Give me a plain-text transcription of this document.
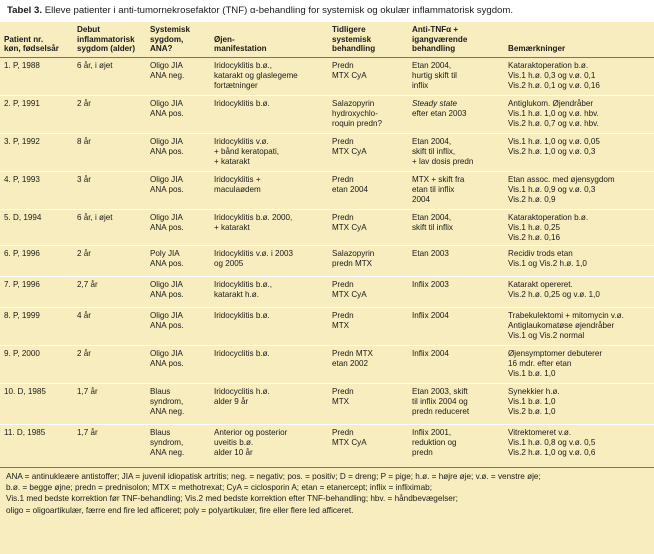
Tabel 3. Elleve patienter i anti-tumornekrosefaktor (TNF) α-behandling for systemisk og okulær inflammatorisk sygdom.
Patient nr.
køn, fødselsår	Debut
inflammatorisk
sygdom (alder)	Systemisk
sygdom,
ANA?	Øjen-
manifestation	Tidligere
systemisk
behandling	Anti-TNFα +
igangværende
behandling	Bemærkninger

1. P, 1988	6 år, i øjet	Oligo JIA
ANA neg.	Iridocyklitis b.ø.,
katarakt og glaslegeme
fortætninger	Predn
MTX CyA	Etan 2004,
hurtig skift til
inflix	Kataraktoperation b.ø.
Vis.1 h.ø. 0,3 og v.ø. 0,1
Vis.2 h.ø. 0,1 og v.ø. 0,16

2. P, 1991	2 år	Oligo JIA
ANA pos.	Iridocyklitis b.ø.	Salazopyrin
hydroxychlo-
roquin predn?	Steady state
efter etan 2003	Antiglukom. Øjendråber
Vis.1 h.ø. 1,0 og v.ø. hbv.
Vis.2 h.ø. 0,7 og v.ø. hbv.

3. P, 1992	8 år	Oligo JIA
ANA pos.	Iridocyklitis v.ø.
+ bånd keratopati,
+ katarakt	Predn
MTX CyA	Etan 2004,
skift til inflix,
+ lav dosis predn	Vis.1 h.ø. 1,0 og v.ø. 0,05
Vis.2 h.ø. 1,0 og v.ø. 0,3

4. P, 1993	3 år	Oligo JIA
ANA pos.	Iridocyklitis +
maculaødem	Predn
etan 2004	MTX + skift fra
etan til inflix
2004	Etan assoc. med øjensygdom
Vis.1 h.ø. 0,9 og v.ø. 0,3
Vis.2 h.ø. 0,9

5. D, 1994	6 år, i øjet	Oligo JIA
ANA pos.	Iridocyklitis b.ø. 2000,
+ katarakt	Predn
MTX CyA	Etan 2004,
skift til inflix	Kataraktoperation b.ø.
Vis.1 h.ø. 0,25
Vis.2 h.ø. 0,16

6. P, 1996	2 år	Poly JIA
ANA pos.	Iridocyklitis v.ø. i 2003
og 2005	Salazopyrin
predn MTX	Etan 2003	Recidiv trods etan
Vis.1 og Vis.2 h.ø. 1,0

7. P, 1996	2,7 år	Oligo JIA
ANA pos.	Iridocyklitis b.ø.,
katarakt h.ø.	Predn
MTX CyA	Inflix 2003	Katarakt opereret.
Vis.2 h.ø. 0,25 og v.ø. 1,0

8. P, 1999	4 år	Oligo JIA
ANA pos.	Iridocyklitis b.ø.	Predn
MTX	Inflix 2004	Trabekulektomi + mitomycin v.ø.
Antiglaukomatøse øjendråber
Vis.1 og Vis.2 normal

9. P, 2000	2 år	Oligo JIA
ANA pos.	Iridocyclitis b.ø.	Predn MTX
etan 2002	Inflix 2004	Øjensymptomer debuterer
16 mdr. efter etan
Vis.1 b.ø. 1,0

10. D, 1985	1,7 år	Blaus
syndrom,
ANA neg.	Iridocyclitis h.ø.
alder 9 år	Predn
MTX	Etan 2003, skift
til inflix 2004 og
predn reduceret	Synekkier h.ø.
Vis.1 b.ø. 1,0
Vis.2 b.ø. 1,0

11. D, 1985	1,7 år	Blaus
syndrom,
ANA neg.	Anterior og posterior
uveitis b.ø.
alder 10 år	Predn
MTX CyA	Inflix 2001,
reduktion og
predn	Vitrektomeret v.ø.
Vis.1 h.ø. 0,8 og v.ø. 0,5
Vis.2 h.ø. 1,0 og v.ø. 0,6
ANA = antinukleære antistoffer; JIA = juvenil idiopatisk artritis; neg. = negativ; pos. = positiv; D = dreng; P = pige; h.ø. = højre øje; v.ø. = venstre øje;
b.ø. = begge øjne; predn = prednisolon; MTX = methotrexat; CyA = ciclosporin A; etan = etanercept; inflix = infliximab;
Vis.1 med bedste korrektion før TNF-behandling; Vis.2 med bedste korrektion efter TNF-behandling; hbv. = håndbevægelser;
oligo = oligoartikulær, færre end fire led afficeret; poly = polyartikulær, fire eller flere led afficeret.
